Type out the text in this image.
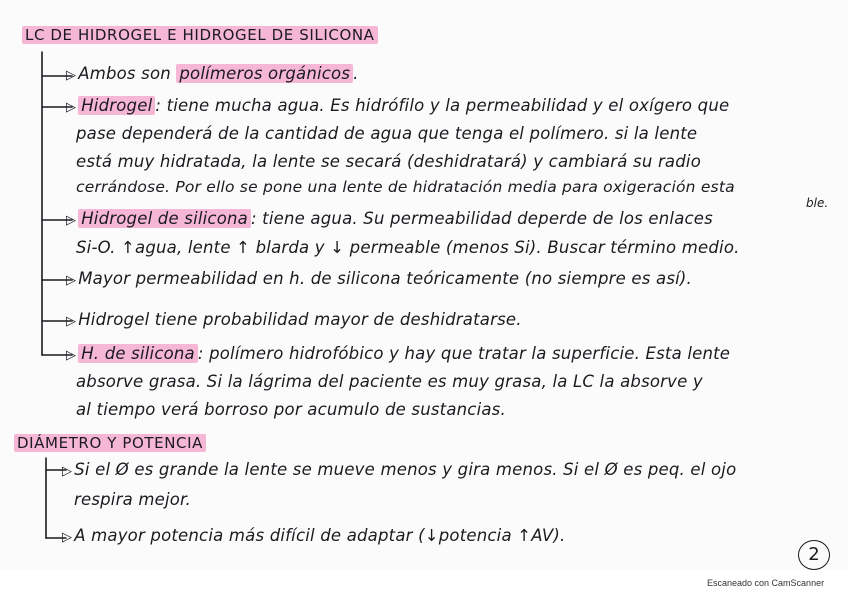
LC DE HIDROGEL E HIDROGEL DE SILICONA
▷ Ambos son polímeros orgánicos .
▷ Hidrogel : tiene mucha agua. Es hidrófilo y la permeabilidad y el oxígero que
pase dependerá de la cantidad de agua que tenga el polímero. si la lente
está muy hidratada, la lente se secará (deshidratará) y cambiará su radio
cerrándose. Por ello se pone una lente de hidratación media para oxigeración esta
ble.
▷ Hidrogel de silicona : tiene agua. Su permeabilidad deperde de los enlaces
Si-O. ↑agua, lente ↑ blarda y ↓ permeable (menos Si). Buscar término medio.
▷ Mayor permeabilidad en h. de silicona teóricamente (no siempre es así).
▷ Hidrogel tiene probabilidad mayor de deshidratarse.
▷ H. de silicona : polímero hidrofóbico y hay que tratar la superficie. Esta lente
absorve grasa. Si la lágrima del paciente es muy grasa, la LC la absorve y
al tiempo verá borroso por acumulo de sustancias.
DIÁMETRO Y POTENCIA
▷ Si el Ø es grande la lente se mueve menos y gira menos. Si el Ø es peq. el ojo
respira mejor.
▷ A mayor potencia más difícil de adaptar (↓potencia ↑AV).
2
Escaneado con CamScanner
